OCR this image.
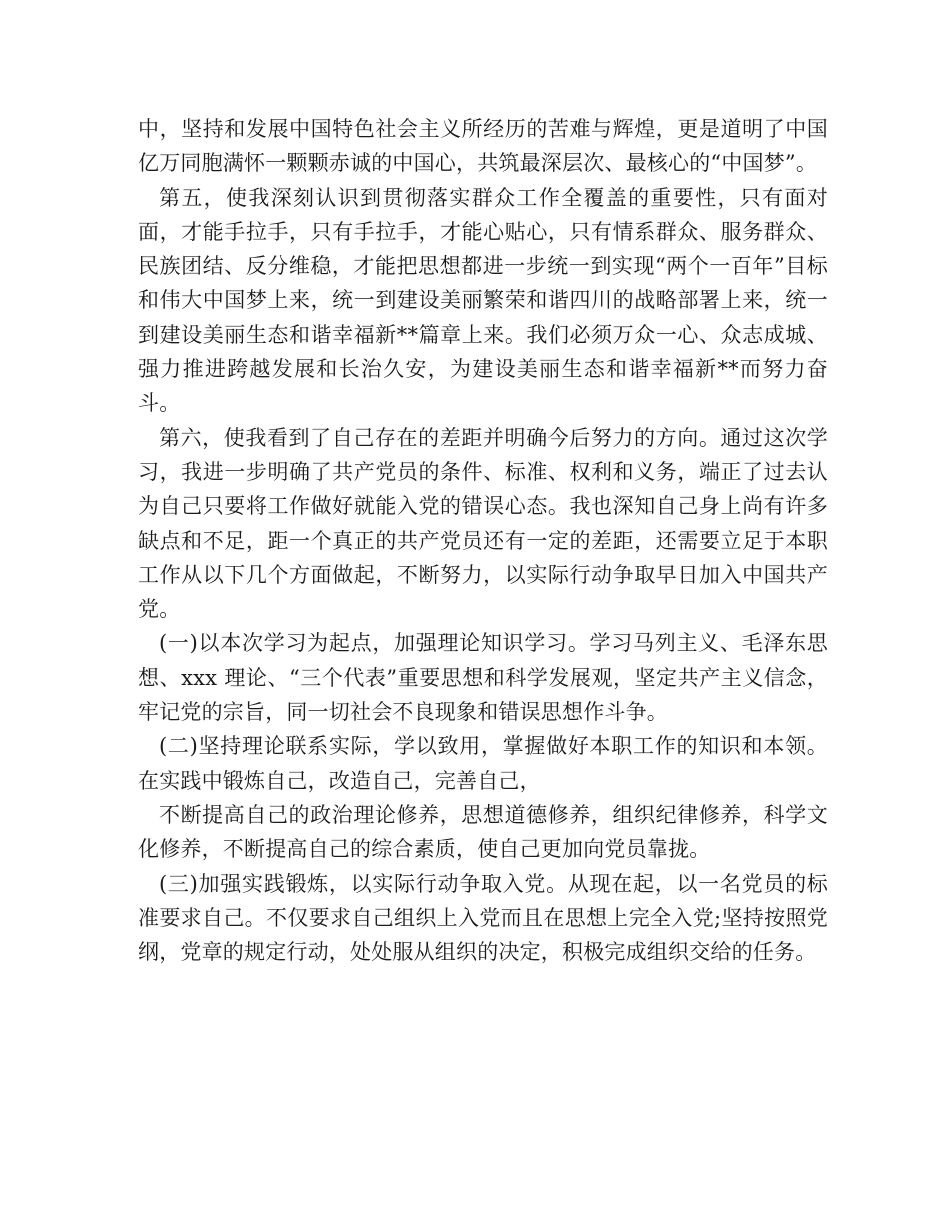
中，坚持和发展中国特色社会主义所经历的苦难与辉煌，更是道明了中国亿万同胞满怀一颗颗赤诚的中国心，共筑最深层次、最核心的“中国梦”。

第五，使我深刻认识到贯彻落实群众工作全覆盖的重要性，只有面对面，才能手拉手，只有手拉手，才能心贴心，只有情系群众、服务群众、民族团结、反分维稳，才能把思想都进一步统一到实现“两个一百年”目标和伟大中国梦上来，统一到建设美丽繁荣和谐四川的战略部署上来，统一到建设美丽生态和谐幸福新**篇章上来。我们必须万众一心、众志成城、强力推进跨越发展和长治久安，为建设美丽生态和谐幸福新**而努力奋斗。

第六，使我看到了自己存在的差距并明确今后努力的方向。通过这次学习，我进一步明确了共产党员的条件、标准、权利和义务，端正了过去认为自己只要将工作做好就能入党的错误心态。我也深知自己身上尚有许多缺点和不足，距一个真正的共产党员还有一定的差距，还需要立足于本职工作从以下几个方面做起，不断努力，以实际行动争取早日加入中国共产党。

(一)以本次学习为起点，加强理论知识学习。学习马列主义、毛泽东思想、xxx 理论、“三个代表”重要思想和科学发展观，坚定共产主义信念，牢记党的宗旨，同一切社会不良现象和错误思想作斗争。

(二)坚持理论联系实际，学以致用，掌握做好本职工作的知识和本领。在实践中锻炼自己，改造自己，完善自己，

不断提高自己的政治理论修养，思想道德修养，组织纪律修养，科学文化修养，不断提高自己的综合素质，使自己更加向党员靠拢。

(三)加强实践锻炼，以实际行动争取入党。从现在起，以一名党员的标准要求自己。不仅要求自己组织上入党而且在思想上完全入党;坚持按照党纲，党章的规定行动，处处服从组织的决定，积极完成组织交给的任务。
